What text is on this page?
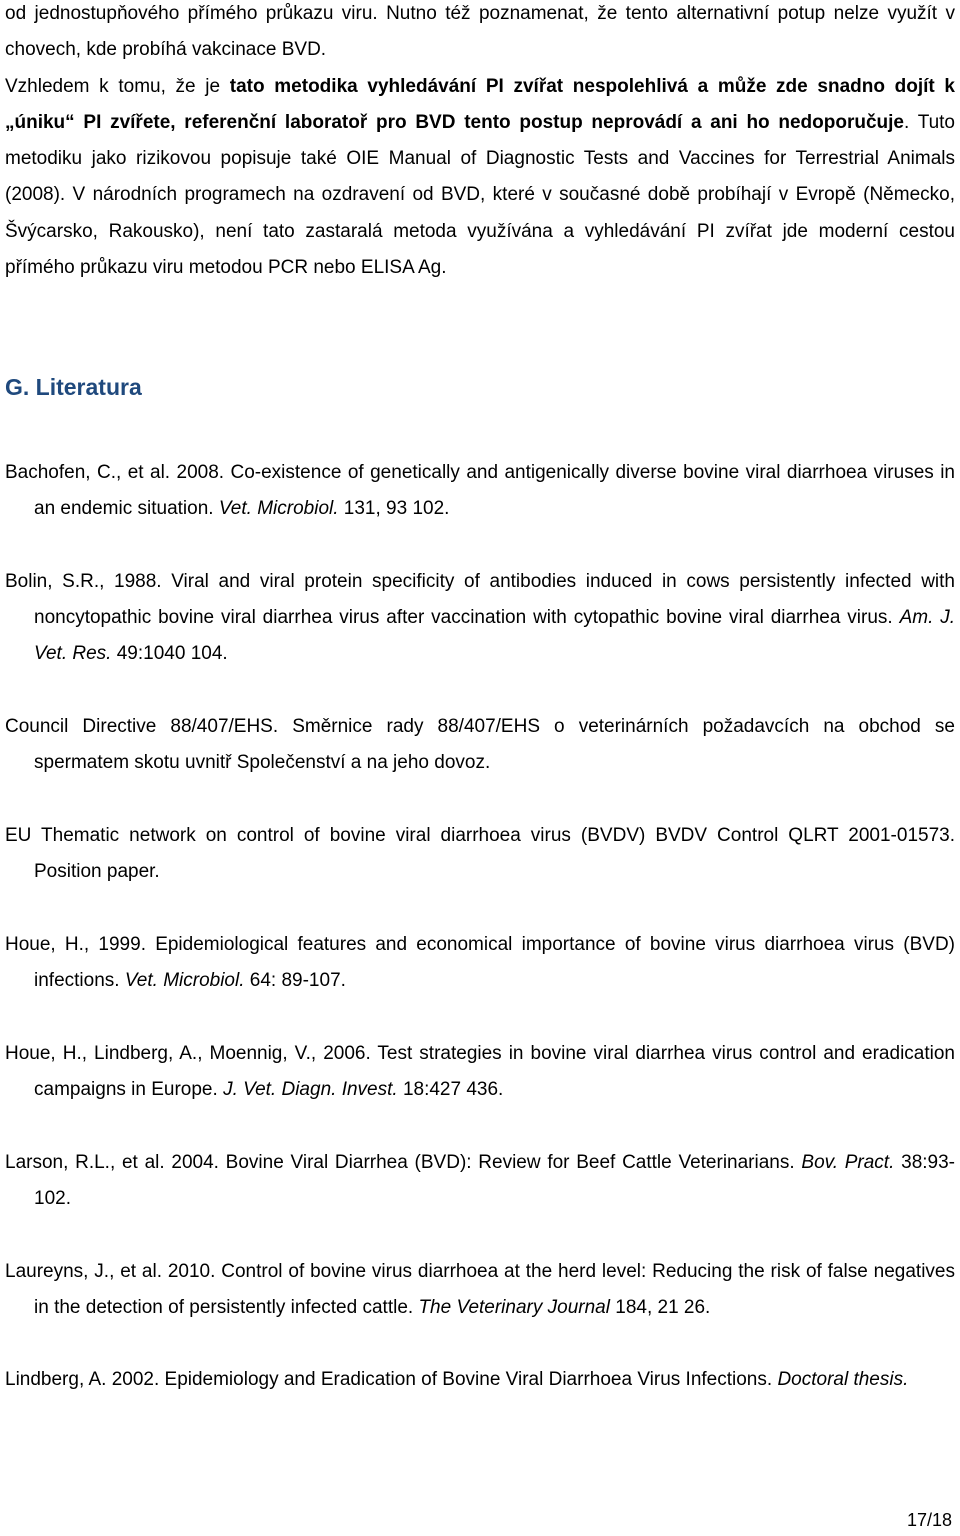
od jednostupňového přímého průkazu viru. Nutno též poznamenat, že tento alternativní potup nelze využít v chovech, kde probíhá vakcinace BVD.

Vzhledem k tomu, že je tato metodika vyhledávání PI zvířat nespolehlivá a může zde snadno dojít k „úniku“ PI zvířete, referenční laboratoř pro BVD tento postup neprovádí a ani ho nedoporučuje. Tuto metodiku jako rizikovou popisuje také OIE Manual of Diagnostic Tests and Vaccines for Terrestrial Animals (2008). V národních programech na ozdravení od BVD, které v současné době probíhají v Evropě (Německo, Švýcarsko, Rakousko), není tato zastaralá metoda využívána a vyhledávání PI zvířat jde moderní cestou přímého průkazu viru metodou PCR nebo ELISA Ag.

G. Literatura

Bachofen, C., et al. 2008. Co-existence of genetically and antigenically diverse bovine viral diarrhoea viruses in an endemic situation. Vet. Microbiol. 131, 93 102.

Bolin, S.R., 1988. Viral and viral protein specificity of antibodies induced in cows persistently infected with noncytopathic bovine viral diarrhea virus after vaccination with cytopathic bovine viral diarrhea virus. Am. J. Vet. Res. 49:1040 104.

Council Directive 88/407/EHS. Směrnice rady 88/407/EHS o veterinárních požadavcích na obchod se spermatem skotu uvnitř Společenství a na jeho dovoz.

EU Thematic network on control of bovine viral diarrhoea virus (BVDV) BVDV Control QLRT 2001-01573. Position paper.

Houe, H., 1999. Epidemiological features and economical importance of bovine virus diarrhoea virus (BVD) infections. Vet. Microbiol. 64: 89-107.

Houe, H., Lindberg, A., Moennig, V., 2006. Test strategies in bovine viral diarrhea virus control and eradication campaigns in Europe. J. Vet. Diagn. Invest. 18:427 436.

Larson, R.L., et al. 2004. Bovine Viral Diarrhea (BVD): Review for Beef Cattle Veterinarians. Bov. Pract. 38:93-102.

Laureyns, J., et al. 2010. Control of bovine virus diarrhoea at the herd level: Reducing the risk of false negatives in the detection of persistently infected cattle. The Veterinary Journal 184, 21 26.

Lindberg, A. 2002. Epidemiology and Eradication of Bovine Viral Diarrhoea Virus Infections. Doctoral thesis.

17/18
